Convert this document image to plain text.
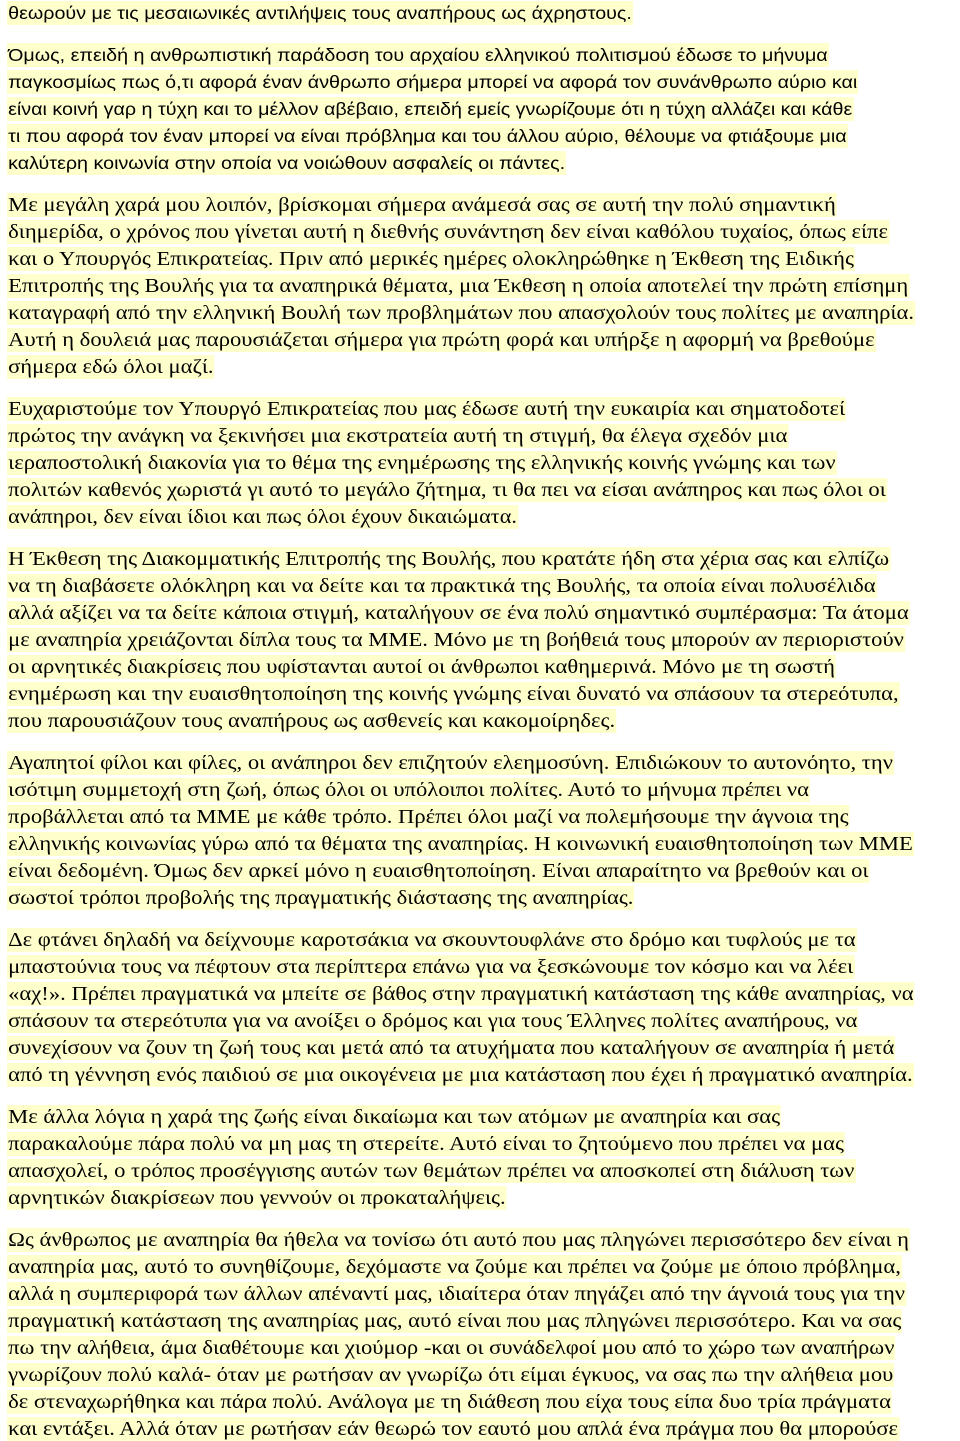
θεωρούν με τις μεσαιωνικές αντιλήψεις τους αναπήρους ως άχρηστους.
Όμως, επειδή η ανθρωπιστική παράδοση του αρχαίου ελληνικού πολιτισμού έδωσε το μήνυμα
παγκοσμίως πως ό,τι αφορά έναν άνθρωπο σήμερα μπορεί να αφορά τον συνάνθρωπο αύριο και
είναι κοινή γαρ η τύχη και το μέλλον αβέβαιο, επειδή εμείς γνωρίζουμε ότι η τύχη αλλάζει και κάθε
τι που αφορά τον έναν μπορεί να είναι πρόβλημα και του άλλου αύριο, θέλουμε να φτιάξουμε μια
καλύτερη κοινωνία στην οποία να νοιώθουν ασφαλείς οι πάντες.
Με μεγάλη χαρά μου λοιπόν, βρίσκομαι σήμερα ανάμεσά σας σε αυτή την πολύ σημαντική
διημερίδα, ο χρόνος που γίνεται αυτή η διεθνής συνάντηση δεν είναι καθόλου τυχαίος, όπως είπε
και ο Υπουργός Επικρατείας. Πριν από μερικές ημέρες ολοκληρώθηκε η Έκθεση της Ειδικής
Επιτροπής της Βουλής για τα αναπηρικά θέματα, μια Έκθεση η οποία αποτελεί την πρώτη επίσημη
καταγραφή από την ελληνική Βουλή των προβλημάτων που απασχολούν τους πολίτες με αναπηρία.
Αυτή η δουλειά μας παρουσιάζεται σήμερα για πρώτη φορά και υπήρξε η αφορμή να βρεθούμε
σήμερα εδώ όλοι μαζί.
Ευχαριστούμε τον Υπουργό Επικρατείας που μας έδωσε αυτή την ευκαιρία και σηματοδοτεί
πρώτος την ανάγκη να ξεκινήσει μια εκστρατεία αυτή τη στιγμή, θα έλεγα σχεδόν μια
ιεραποστολική διακονία για το θέμα της ενημέρωσης της ελληνικής κοινής γνώμης και των
πολιτών καθενός χωριστά γι αυτό το μεγάλο ζήτημα, τι θα πει να είσαι ανάπηρος και πως όλοι οι
ανάπηροι, δεν είναι ίδιοι και πως όλοι έχουν δικαιώματα.
Η Έκθεση της Διακομματικής Επιτροπής της Βουλής, που κρατάτε ήδη στα χέρια σας και ελπίζω
να τη διαβάσετε ολόκληρη και να δείτε και τα πρακτικά της Βουλής, τα οποία είναι πολυσέλιδα
αλλά αξίζει να τα δείτε κάποια στιγμή, καταλήγουν σε ένα πολύ σημαντικό συμπέρασμα: Τα άτομα
με αναπηρία χρειάζονται δίπλα τους τα ΜΜΕ. Μόνο με τη βοήθειά τους μπορούν αν περιοριστούν
οι αρνητικές διακρίσεις που υφίστανται αυτοί οι άνθρωποι καθημερινά. Μόνο με τη σωστή
ενημέρωση και την ευαισθητοποίηση της κοινής γνώμης είναι δυνατό να σπάσουν τα στερεότυπα,
που παρουσιάζουν τους αναπήρους ως ασθενείς και κακομοίρηδες.
Αγαπητοί φίλοι και φίλες, οι ανάπηροι δεν επιζητούν ελεημοσύνη. Επιδιώκουν το αυτονόητο, την
ισότιμη συμμετοχή στη ζωή, όπως όλοι οι υπόλοιποι πολίτες. Αυτό το μήνυμα πρέπει να
προβάλλεται από τα ΜΜΕ με κάθε τρόπο. Πρέπει όλοι μαζί να πολεμήσουμε την άγνοια της
ελληνικής κοινωνίας γύρω από τα θέματα της αναπηρίας. Η κοινωνική ευαισθητοποίηση των ΜΜΕ
είναι δεδομένη. Όμως δεν αρκεί μόνο η ευαισθητοποίηση. Είναι απαραίτητο να βρεθούν και οι
σωστοί τρόποι προβολής της πραγματικής διάστασης της αναπηρίας.
Δε φτάνει δηλαδή να δείχνουμε καροτσάκια να σκουντουφλάνε στο δρόμο και τυφλούς με τα
μπαστούνια τους να πέφτουν στα περίπτερα επάνω για να ξεσκώνουμε τον κόσμο και να λέει
«αχ!». Πρέπει πραγματικά να μπείτε σε βάθος στην πραγματική κατάσταση της κάθε αναπηρίας, να
σπάσουν τα στερεότυπα για να ανοίξει ο δρόμος και για τους Έλληνες πολίτες αναπήρους, να
συνεχίσουν να ζουν τη ζωή τους και μετά από τα ατυχήματα που καταλήγουν σε αναπηρία ή μετά
από τη γέννηση ενός παιδιού σε μια οικογένεια με μια κατάσταση που έχει ή πραγματικό αναπηρία.
Με άλλα λόγια η χαρά της ζωής είναι δικαίωμα και των ατόμων με αναπηρία και σας
παρακαλούμε πάρα πολύ να μη μας τη στερείτε. Αυτό είναι το ζητούμενο που πρέπει να μας
απασχολεί, ο τρόπος προσέγγισης αυτών των θεμάτων πρέπει να αποσκοπεί στη διάλυση των
αρνητικών διακρίσεων που γεννούν οι προκαταλήψεις.
Ως άνθρωπος με αναπηρία θα ήθελα να τονίσω ότι αυτό που μας πληγώνει περισσότερο δεν είναι η
αναπηρία μας, αυτό το συνηθίζουμε, δεχόμαστε να ζούμε και πρέπει να ζούμε με όποιο πρόβλημα,
αλλά η συμπεριφορά των άλλων απέναντί μας, ιδιαίτερα όταν πηγάζει από την άγνοιά τους για την
πραγματική κατάσταση της αναπηρίας μας, αυτό είναι που μας πληγώνει περισσότερο. Και να σας
πω την αλήθεια, άμα διαθέτουμε και χιούμορ -και οι συνάδελφοί μου από το χώρο των αναπήρων
γνωρίζουν πολύ καλά- όταν με ρωτήσαν αν γνωρίζω ότι είμαι έγκυος, να σας πω την αλήθεια μου
δε στεναχωρήθηκα και πάρα πολύ. Ανάλογα με τη διάθεση που είχα τους είπα δυο τρία πράγματα
και εντάξει. Αλλά όταν με ρωτήσαν εάν θεωρώ τον εαυτό μου απλά ένα πράγμα που θα μπορούσε
